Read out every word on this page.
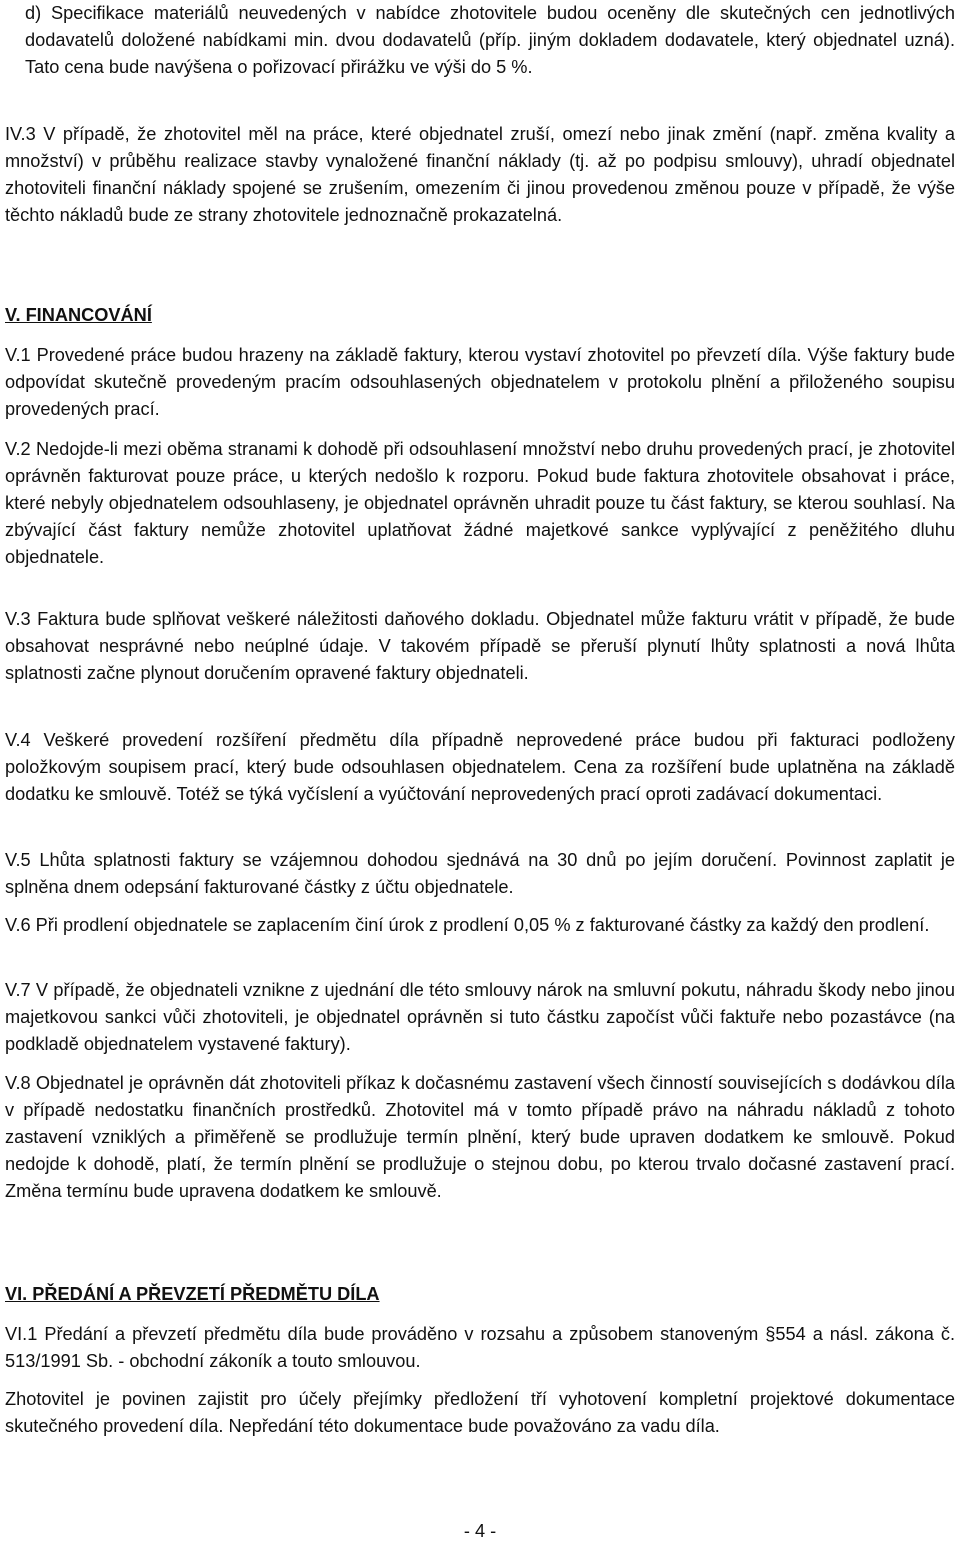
d) Specifikace materiálů neuvedených v nabídce zhotovitele budou oceněny dle skutečných cen jednotlivých dodavatelů doložené nabídkami min. dvou dodavatelů (příp. jiným dokladem dodavatele, který objednatel uzná). Tato cena bude navýšena o pořizovací přirážku ve výši do 5 %.

IV.3 V případě, že zhotovitel měl na práce, které objednatel zruší, omezí nebo jinak změní (např. změna kvality a množství) v průběhu realizace stavby vynaložené finanční náklady (tj. až po podpisu smlouvy), uhradí objednatel zhotoviteli finanční náklady spojené se zrušením, omezením či jinou provedenou změnou pouze v případě, že výše těchto nákladů bude ze strany zhotovitele jednoznačně prokazatelná.

V. FINANCOVÁNÍ

V.1 Provedené práce budou hrazeny na základě faktury, kterou vystaví zhotovitel po převzetí díla. Výše faktury bude odpovídat skutečně provedeným pracím odsouhlasených objednatelem v protokolu plnění a přiloženého soupisu provedených prací.

V.2 Nedojde-li mezi oběma stranami k dohodě při odsouhlasení množství nebo druhu provedených prací, je zhotovitel oprávněn fakturovat pouze práce, u kterých nedošlo k rozporu. Pokud bude faktura zhotovitele obsahovat i práce, které nebyly objednatelem odsouhlaseny, je objednatel oprávněn uhradit pouze tu část faktury, se kterou souhlasí. Na zbývající část faktury nemůže zhotovitel uplatňovat žádné majetkové sankce vyplývající z peněžitého dluhu objednatele.

V.3 Faktura bude splňovat veškeré náležitosti daňového dokladu. Objednatel může fakturu vrátit v případě, že bude obsahovat nesprávné nebo neúplné údaje. V takovém případě se přeruší plynutí lhůty splatnosti a nová lhůta splatnosti začne plynout doručením opravené faktury objednateli.

V.4 Veškeré provedení rozšíření předmětu díla případně neprovedené práce budou při fakturaci podloženy položkovým soupisem prací, který bude odsouhlasen objednatelem. Cena za rozšíření bude uplatněna na základě dodatku ke smlouvě. Totéž se týká vyčíslení a vyúčtování neprovedených prací oproti zadávací dokumentaci.

V.5 Lhůta splatnosti faktury se vzájemnou dohodou sjednává na 30 dnů po jejím doručení. Povinnost zaplatit je splněna dnem odepsání fakturované částky z účtu objednatele.

V.6 Při prodlení objednatele se zaplacením činí úrok z prodlení 0,05 % z fakturované částky za každý den prodlení.

V.7 V případě, že objednateli vznikne z ujednání dle této smlouvy nárok na smluvní pokutu, náhradu škody nebo jinou majetkovou sankci vůči zhotoviteli, je objednatel oprávněn si tuto částku započíst vůči faktuře nebo pozastávce (na podkladě objednatelem vystavené faktury).

V.8 Objednatel je oprávněn dát zhotoviteli příkaz k dočasnému zastavení všech činností souvisejících s dodávkou díla v případě nedostatku finančních prostředků. Zhotovitel má v tomto případě právo na náhradu nákladů z tohoto zastavení vzniklých a přiměřeně se prodlužuje termín plnění, který bude upraven dodatkem ke smlouvě. Pokud nedojde k dohodě, platí, že termín plnění se prodlužuje o stejnou dobu, po kterou trvalo dočasné zastavení prací. Změna termínu bude upravena dodatkem ke smlouvě.

VI. PŘEDÁNÍ A PŘEVZETÍ PŘEDMĚTU DÍLA

VI.1 Předání a převzetí předmětu díla bude prováděno v rozsahu a způsobem stanoveným §554 a násl. zákona č. 513/1991 Sb. - obchodní zákoník a touto smlouvou.

Zhotovitel je povinen zajistit pro účely přejímky předložení tří vyhotovení kompletní projektové dokumentace skutečného provedení díla. Nepředání této dokumentace bude považováno za vadu díla.

- 4 -
